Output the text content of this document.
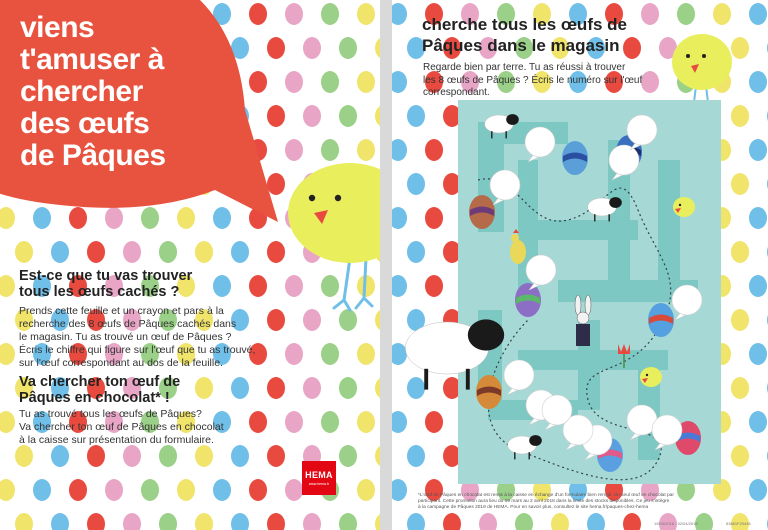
viens
t'amuser à
chercher
des œufs
de Pâques
Est-ce que tu vas trouver
tous les œufs cachés ?

Prends cette feuille et un crayon et pars à la
recherche des 8 œufs de Pâques cachés dans
le magasin. Tu as trouvé un œuf de Pâques ?
Écris le chiffre qui figure sur l'œuf que tu as trouvé,
sur l'œuf correspondant au dos de la feuille.

Va chercher ton œuf de
Pâques en chocolat* !

Tu as trouvé tous les œufs de Pâques?
Va chercher ton œuf de Pâques en chocolat
à la caisse sur présentation du formulaire.

HEMA
www.hema.fr
cherche tous les œufs de
Pâques dans le magasin

Regarde bien par terre. Tu as réussi à trouver
les 8 œufs de Pâques ? Écris le numéro sur l'œuf
correspondant.

*L'œuf de Pâques en chocolat est remis à la caisse en échange d'un formulaire bien rempli. Un seul œuf en chocolat par
participant. Cette promotion aura lieu du 19 mars au 2 avril 2018 dans la limite des stocks disponibles. Ce jeu s'intègre
à la campagne de Pâques 2018 de HEMA. Pour en savoir plus, consultez le site hema.fr/paques-chez-hema

19/03/2018 - 02/04/2018	83851F29446
